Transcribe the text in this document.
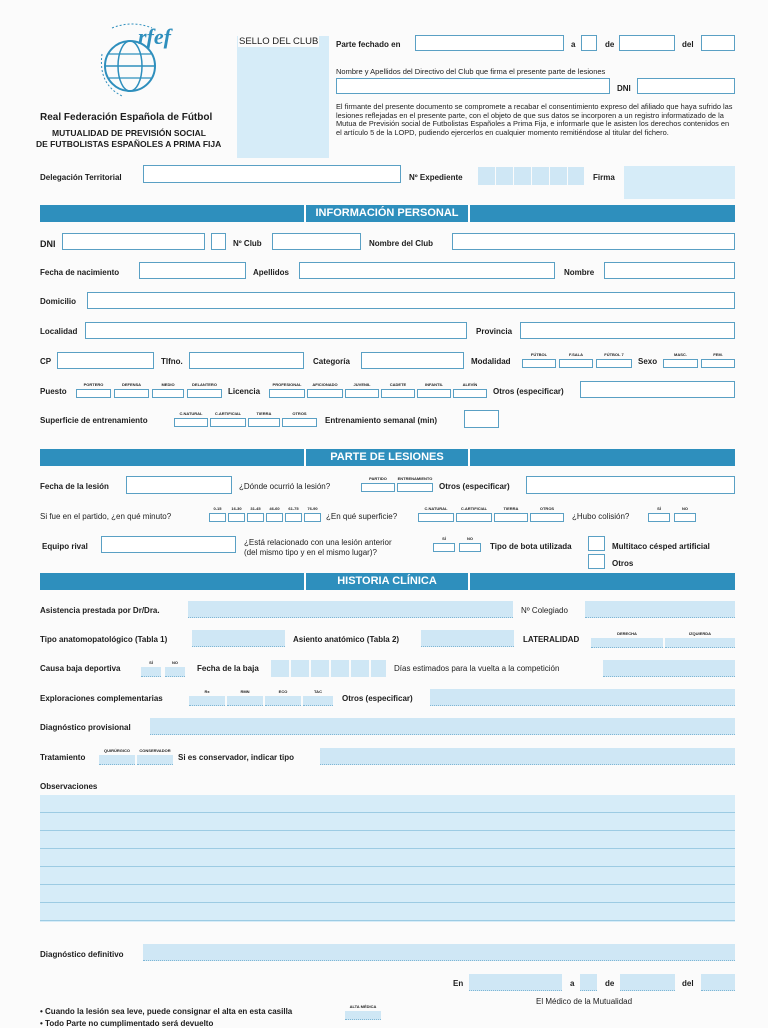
rfef
Real Federación Española de Fútbol
MUTUALIDAD DE PREVISIÓN SOCIAL
DE FUTBOLISTAS ESPAÑOLES A PRIMA FIJA
SELLO DEL CLUB Parte fechado en	a	de	del
Nombre y Apellidos del Directivo del Club que firma el presente parte de lesiones
DNI
El firmante del presente documento se compromete a recabar el consentimiento expreso del afiliado que haya sufrido las lesiones reflejadas en el presente parte, con el objeto de que sus datos se incorporen a un registro informatizado de la Mutua de Previsión social de Futbolistas Españoles a Prima Fija, e informarle que le asisten los derechos contenidos en el artículo 5 de la LOPD, pudiendo ejercerlos en cualquier momento remitiéndose al titular del fichero.
Delegación Territorial	Nº Expediente	Firma
INFORMACIÓN PERSONAL
DNI	Nº Club	Nombre del Club
Fecha de nacimiento	Apellidos	Nombre
Domicilio
Localidad	Provincia
CP	Tlfno.	Categoría	Modalidad
FÚTBOL	F.SALA	FÚTBOL 7
Sexo
MASC.	FEM.
Puesto
PORTERO	DEFENSA	MEDIO	DELANTERO
Licencia
PROFESIONAL	AFICIONADO	JUVENIL	CADETE	INFANTIL	ALEVÍN
Otros (especificar)
Superficie de entrenamiento
C.NATURAL	C.ARTIFICIAL	TIERRA	OTROS
Entrenamiento semanal (min)
PARTE DE LESIONES
Fecha de la lesión	¿Dónde ocurrió la lesión?
PARTIDO	ENTRENAMIENTO
Otros (especificar)
Si fue en el partido, ¿en qué minuto?
0-15	16-30	31-45	46-60	61-75	76-90
¿En qué superficie?
C.NATURAL	C.ARTIFICIAL	TIERRA	OTROS
¿Hubo colisión?
SÍ	NO
Equipo rival	¿Está relacionado con una lesión anterior
(del mismo tipo y en el mismo lugar)?
SÍ	NO
Tipo de bota utilizada	Multitaco césped artificial
Otros
HISTORIA CLÍNICA
Asistencia prestada por Dr/Dra.	Nº Colegiado
Tipo anatomopatológico (Tabla 1)	Asiento anatómico (Tabla 2)	LATERALIDAD
DERECHA	IZQUIERDA
Causa baja deportiva
SÍ	NO
Fecha de la baja	Días estimados para la vuelta a la competición
Exploraciones complementarias
Rx	RMN	ECO	TAC
Otros (especificar)
Diagnóstico provisional
Tratamiento
QUIRÚRGICO	CONSERVADOR
Si es conservador, indicar tipo
Observaciones
Diagnóstico definitivo
En	a	de	del
El Médico de la Mutualidad
• Cuando la lesión sea leve, puede consignar el alta en esta casilla
ALTA MÉDICA
• Todo Parte no cumplimentado será devuelto
